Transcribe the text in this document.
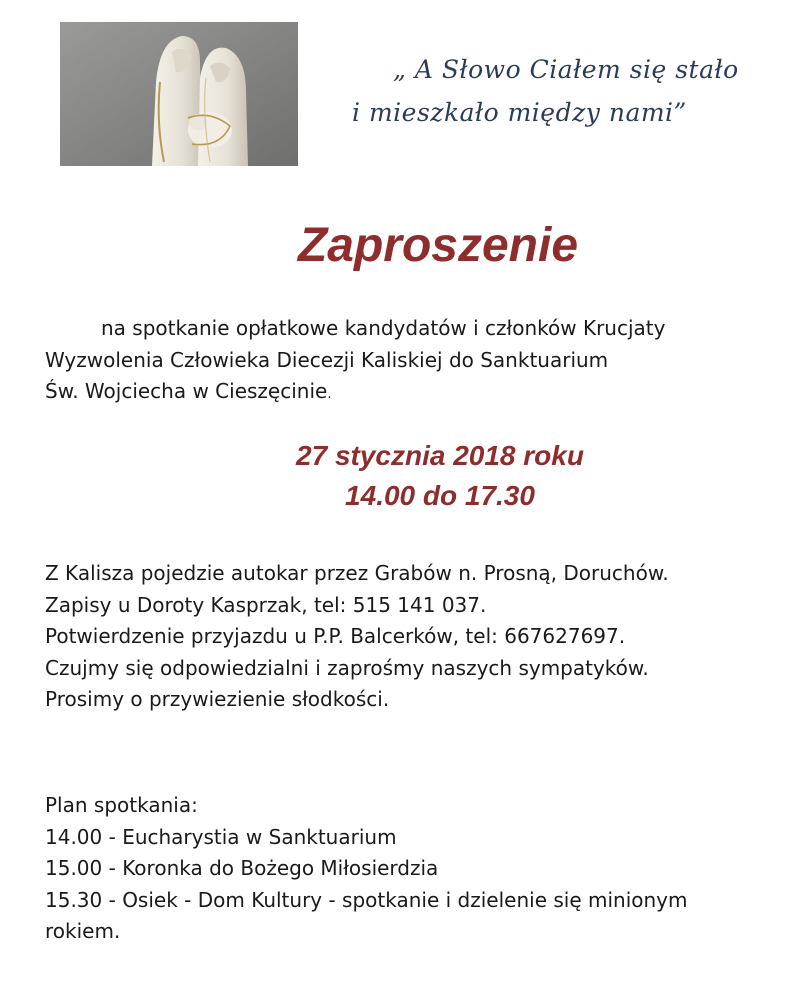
„ A Słowo Ciałem się stało
i mieszkało między nami”
Zaproszenie
na spotkanie opłatkowe kandydatów i członków Krucjaty
Wyzwolenia Człowieka Diecezji Kaliskiej do Sanktuarium
Św. Wojciecha w Cieszęcinie.
27 stycznia 2018 roku
14.00 do 17.30
Z Kalisza pojedzie autokar przez Grabów n. Prosną, Doruchów.
Zapisy u Doroty Kasprzak, tel: 515 141 037.
Potwierdzenie przyjazdu u P.P. Balcerków, tel: 667627697.
Czujmy się odpowiedzialni i zaprośmy naszych sympatyków.
Prosimy o przywiezienie słodkości.
Plan spotkania:
14.00 - Eucharystia w Sanktuarium
15.00 - Koronka do Bożego Miłosierdzia
15.30 - Osiek - Dom Kultury - spotkanie i dzielenie się minionym
rokiem.
